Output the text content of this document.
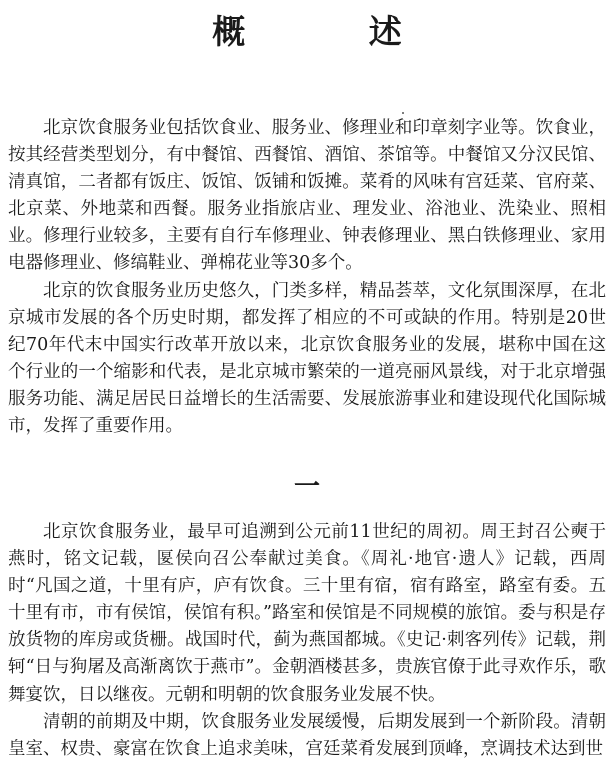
概 述

北京饮食服务业包括饮食业、服务业、修理业和印章刻字业等。饮食业，按其经营类型划分，有中餐馆、西餐馆、酒馆、茶馆等。中餐馆又分汉民馆、清真馆，二者都有饭庄、饭馆、饭铺和饭摊。菜肴的风味有宫廷菜、官府菜、北京菜、外地菜和西餐。服务业指旅店业、理发业、浴池业、洗染业、照相业。修理行业较多，主要有自行车修理业、钟表修理业、黑白铁修理业、家用电器修理业、修缟鞋业、弹棉花业等30多个。

北京的饮食服务业历史悠久，门类多样，精品荟萃，文化氛围深厚，在北京城市发展的各个历史时期，都发挥了相应的不可或缺的作用。特别是20世纪70年代末中国实行改革开放以来，北京饮食服务业的发展，堪称中国在这个行业的一个缩影和代表，是北京城市繁荣的一道亮丽风景线，对于北京增强服务功能、满足居民日益增长的生活需要、发展旅游事业和建设现代化国际城市，发挥了重要作用。

一

北京饮食服务业，最早可追溯到公元前11世纪的周初。周王封召公奭于燕时，铭文记载，匽侯向召公奉献过美食。《周礼·地官·遗人》记载，西周时“凡国之道，十里有庐，庐有饮食。三十里有宿，宿有路室，路室有委。五十里有市，市有侯馆，侯馆有积。”路室和侯馆是不同规模的旅馆。委与积是存放货物的库房或货栅。战国时代，蓟为燕国都城。《史记·刺客列传》记载，荆轲“日与狗屠及高渐离饮于燕市”。金朝酒楼甚多，贵族官僚于此寻欢作乐，歌舞宴饮，日以继夜。元朝和明朝的饮食服务业发展不快。

清朝的前期及中期，饮食服务业发展缓慢，后期发展到一个新阶段。清朝皇室、权贵、豪富在饮食上追求美味，宫廷菜肴发展到顶峰，烹调技术达到世
